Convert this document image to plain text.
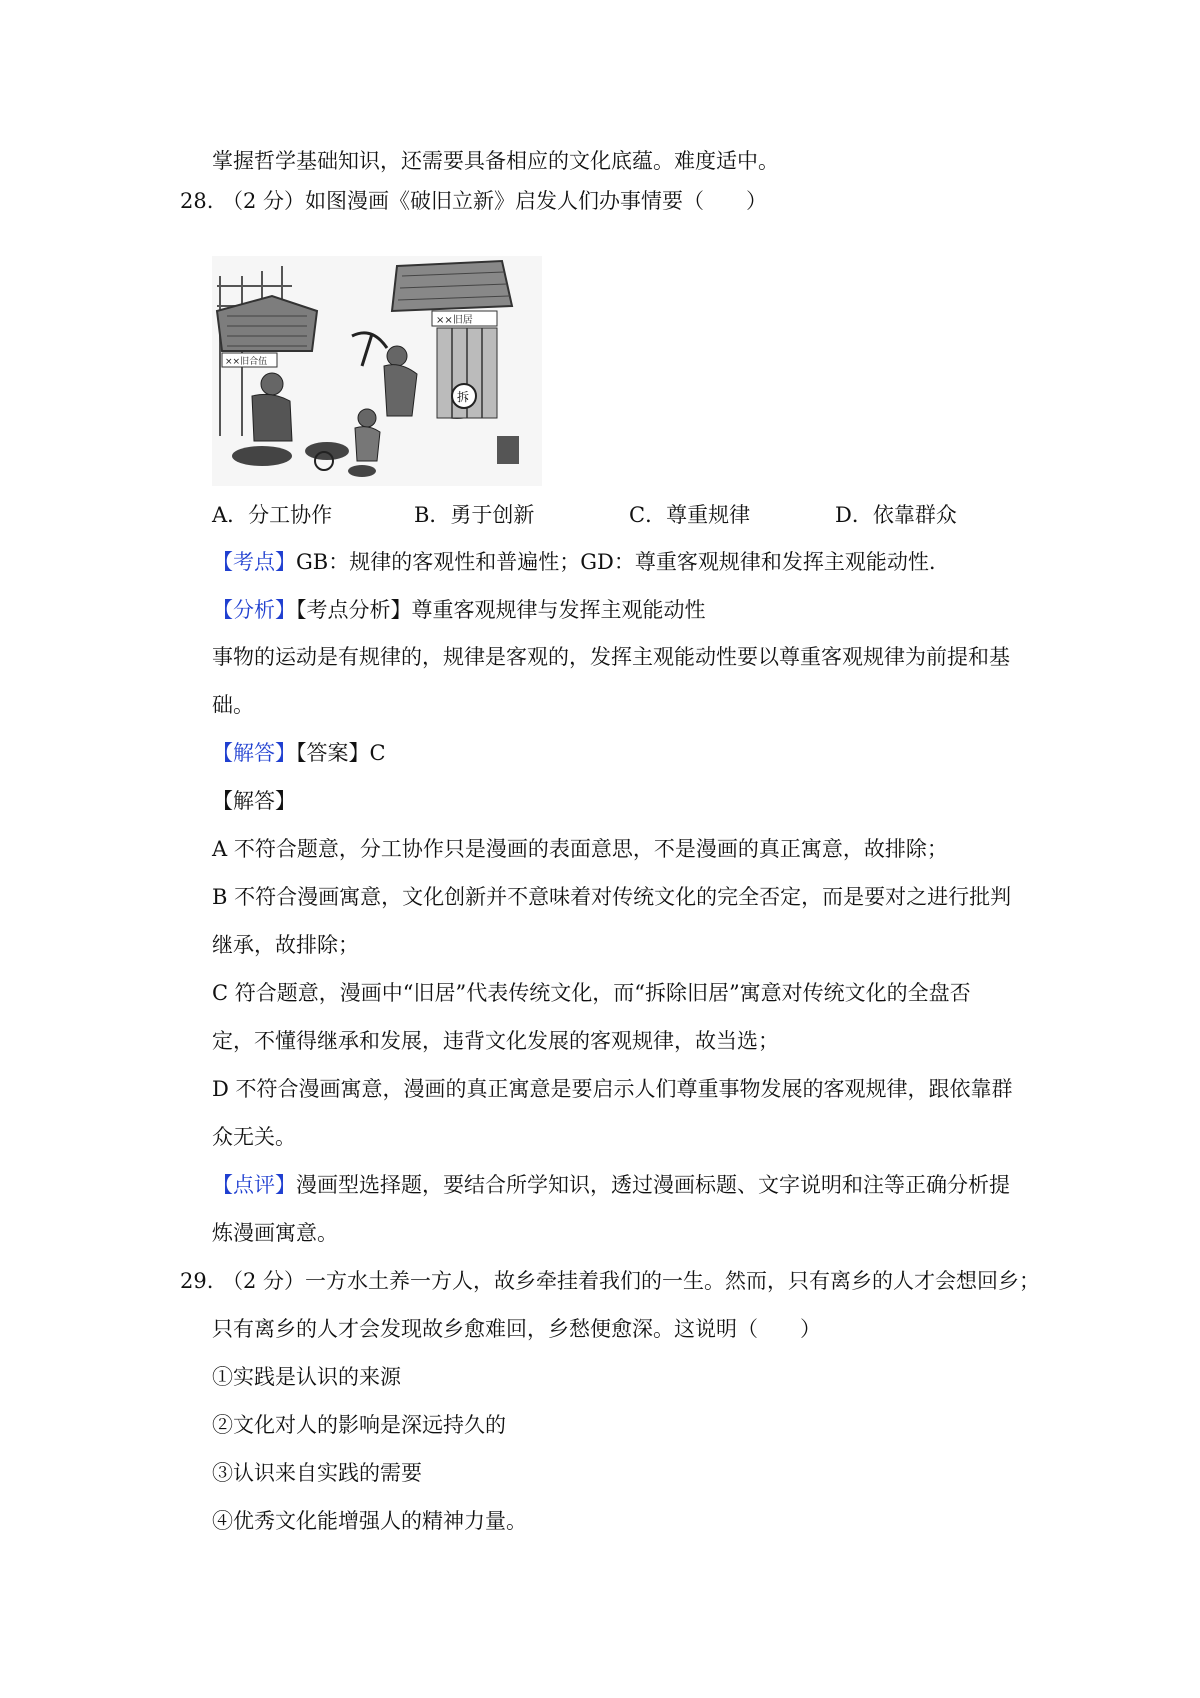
掌握哲学基础知识，还需要具备相应的文化底蕴。难度适中。
28. （2 分）如图漫画《破旧立新》启发人们办事情要（　　）
××旧合伍
××旧居
拆
A．分工协作	B．勇于创新	C．尊重规律	D．依靠群众
【考点】GB：规律的客观性和普遍性；GD：尊重客观规律和发挥主观能动性.
【分析】【考点分析】尊重客观规律与发挥主观能动性
事物的运动是有规律的，规律是客观的，发挥主观能动性要以尊重客观规律为前提和基
础。
【解答】【答案】C
【解答】
A 不符合题意，分工协作只是漫画的表面意思，不是漫画的真正寓意，故排除；
B 不符合漫画寓意，文化创新并不意味着对传统文化的完全否定，而是要对之进行批判
继承，故排除；
C 符合题意，漫画中“旧居”代表传统文化，而“拆除旧居”寓意对传统文化的全盘否
定，不懂得继承和发展，违背文化发展的客观规律，故当选；
D 不符合漫画寓意，漫画的真正寓意是要启示人们尊重事物发展的客观规律，跟依靠群
众无关。
【点评】漫画型选择题，要结合所学知识，透过漫画标题、文字说明和注等正确分析提
炼漫画寓意。
29. （2 分）一方水土养一方人，故乡牵挂着我们的一生。然而，只有离乡的人才会想回乡；
只有离乡的人才会发现故乡愈难回，乡愁便愈深。这说明（　　）
①实践是认识的来源
②文化对人的影响是深远持久的
③认识来自实践的需要
④优秀文化能增强人的精神力量。
